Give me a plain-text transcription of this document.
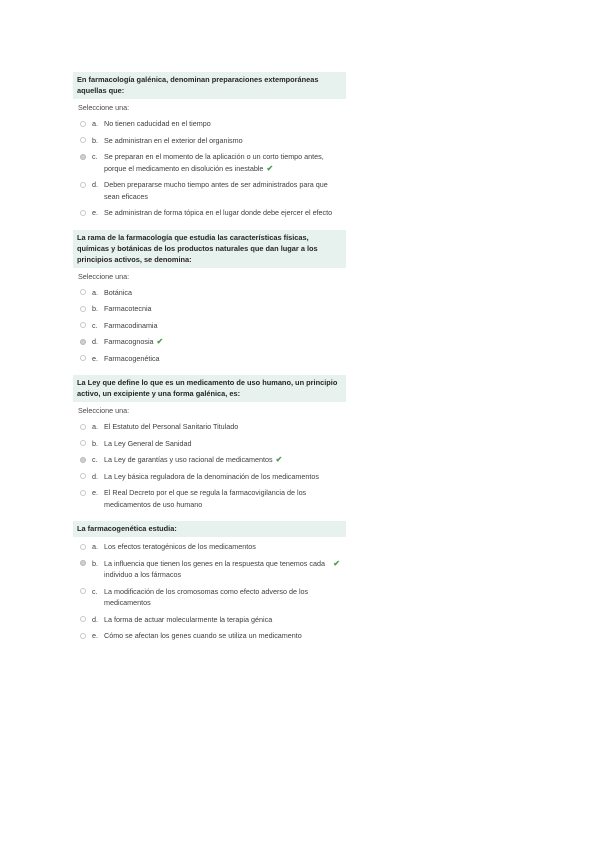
En farmacología galénica, denominan preparaciones extemporáneas aquellas que:
Seleccione una:
a. No tienen caducidad en el tiempo
b. Se administran en el exterior del organismo
c. Se preparan en el momento de la aplicación o un corto tiempo antes, porque el medicamento en disolución es inestable ✔
d. Deben prepararse mucho tiempo antes de ser administrados para que sean eficaces
e. Se administran de forma tópica en el lugar donde debe ejercer el efecto
La rama de la farmacología que estudia las características físicas, químicas y botánicas de los productos naturales que dan lugar a los principios activos, se denomina:
Seleccione una:
a. Botánica
b. Farmacotecnia
c. Farmacodinamia
d. Farmacognosia ✔
e. Farmacogenética
La Ley que define lo que es un medicamento de uso humano, un principio activo, un excipiente y una forma galénica, es:
Seleccione una:
a. El Estatuto del Personal Sanitario Titulado
b. La Ley General de Sanidad
c. La Ley de garantías y uso racional de medicamentos ✔
d. La Ley básica reguladora de la denominación de los medicamentos
e. El Real Decreto por el que se regula la farmacovigilancia de los medicamentos de uso humano
La farmacogenética estudia:
a. Los efectos teratogénicos de los medicamentos
b. La influencia que tienen los genes en la respuesta que tenemos cada individuo a los fármacos
✔
c. La modificación de los cromosomas como efecto adverso de los medicamentos
d. La forma de actuar molecularmente la terapia génica
e. Cómo se afectan los genes cuando se utiliza un medicamento
